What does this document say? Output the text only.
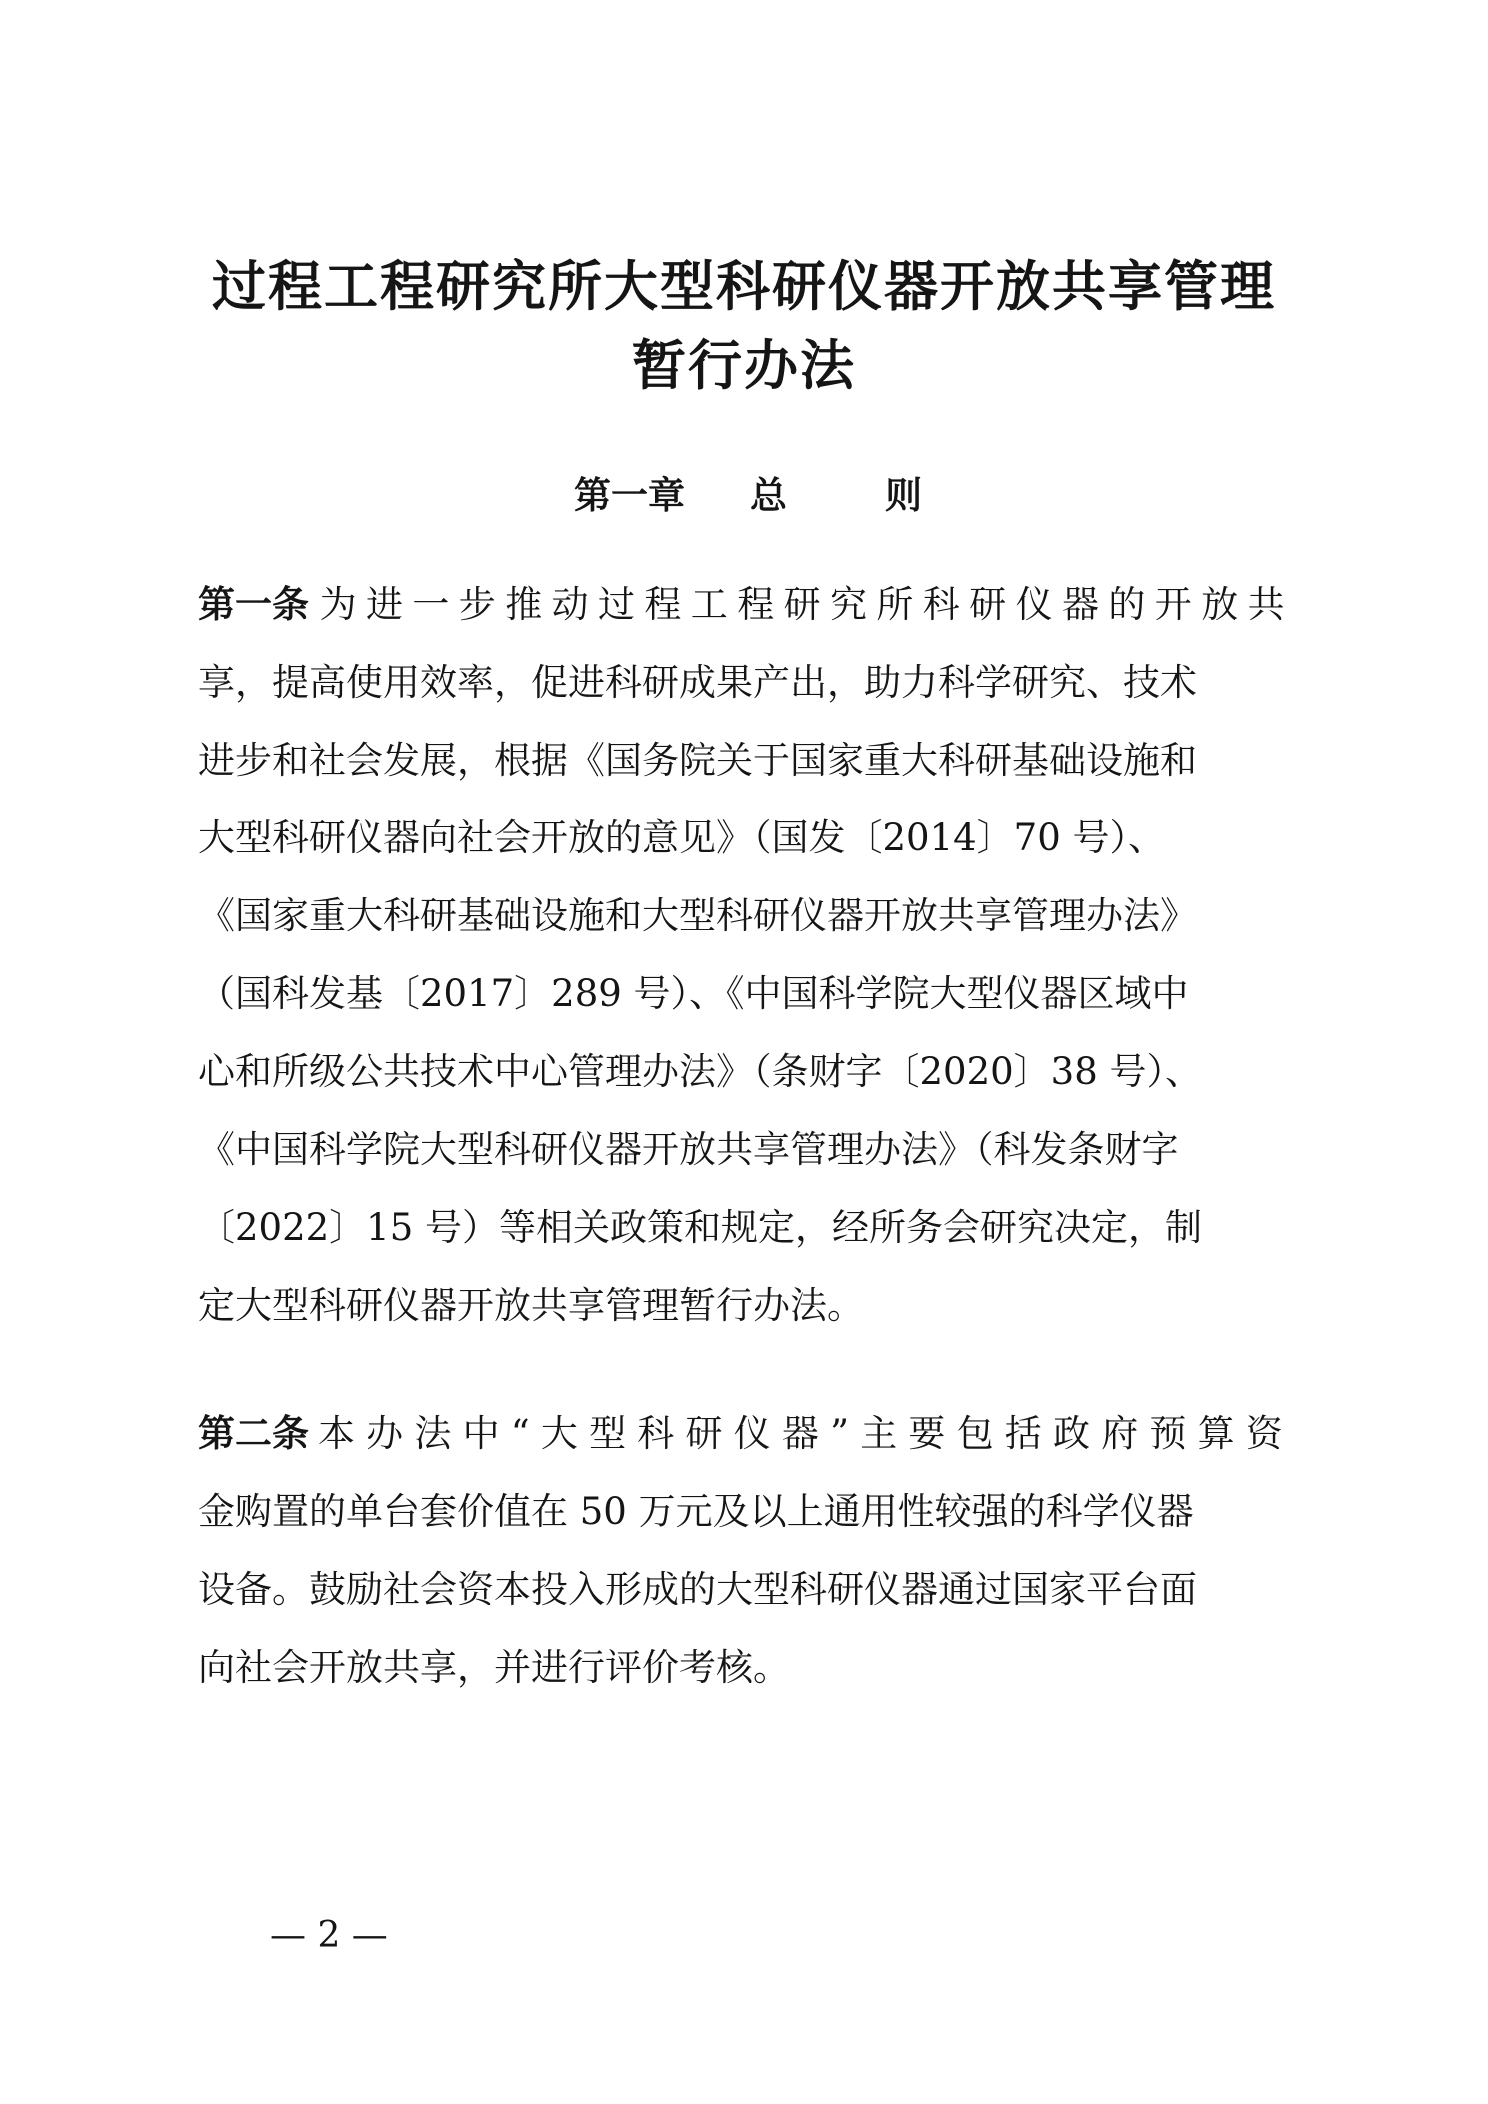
过程工程研究所大型科研仪器开放共享管理
暂行办法
第一章 总	则
第一条 为进一步推动过程工程研究所科研仪器的开放共
享，提高使用效率，促进科研成果产出，助力科学研究、技术
进步和社会发展，根据《国务院关于国家重大科研基础设施和
大型科研仪器向社会开放的意见》（国发〔2014〕70 号）、
《国家重大科研基础设施和大型科研仪器开放共享管理办法》
（国科发基〔2017〕289 号）、《中国科学院大型仪器区域中
心和所级公共技术中心管理办法》（条财字〔2020〕38 号）、
《中国科学院大型科研仪器开放共享管理办法》（科发条财字
〔2022〕15 号）等相关政策和规定，经所务会研究决定，制
定大型科研仪器开放共享管理暂行办法。
第二条 本办法中“大型科研仪器”主要包括政府预算资
金购置的单台套价值在 50 万元及以上通用性较强的科学仪器
设备。鼓励社会资本投入形成的大型科研仪器通过国家平台面
向社会开放共享，并进行评价考核。
— 2 —
